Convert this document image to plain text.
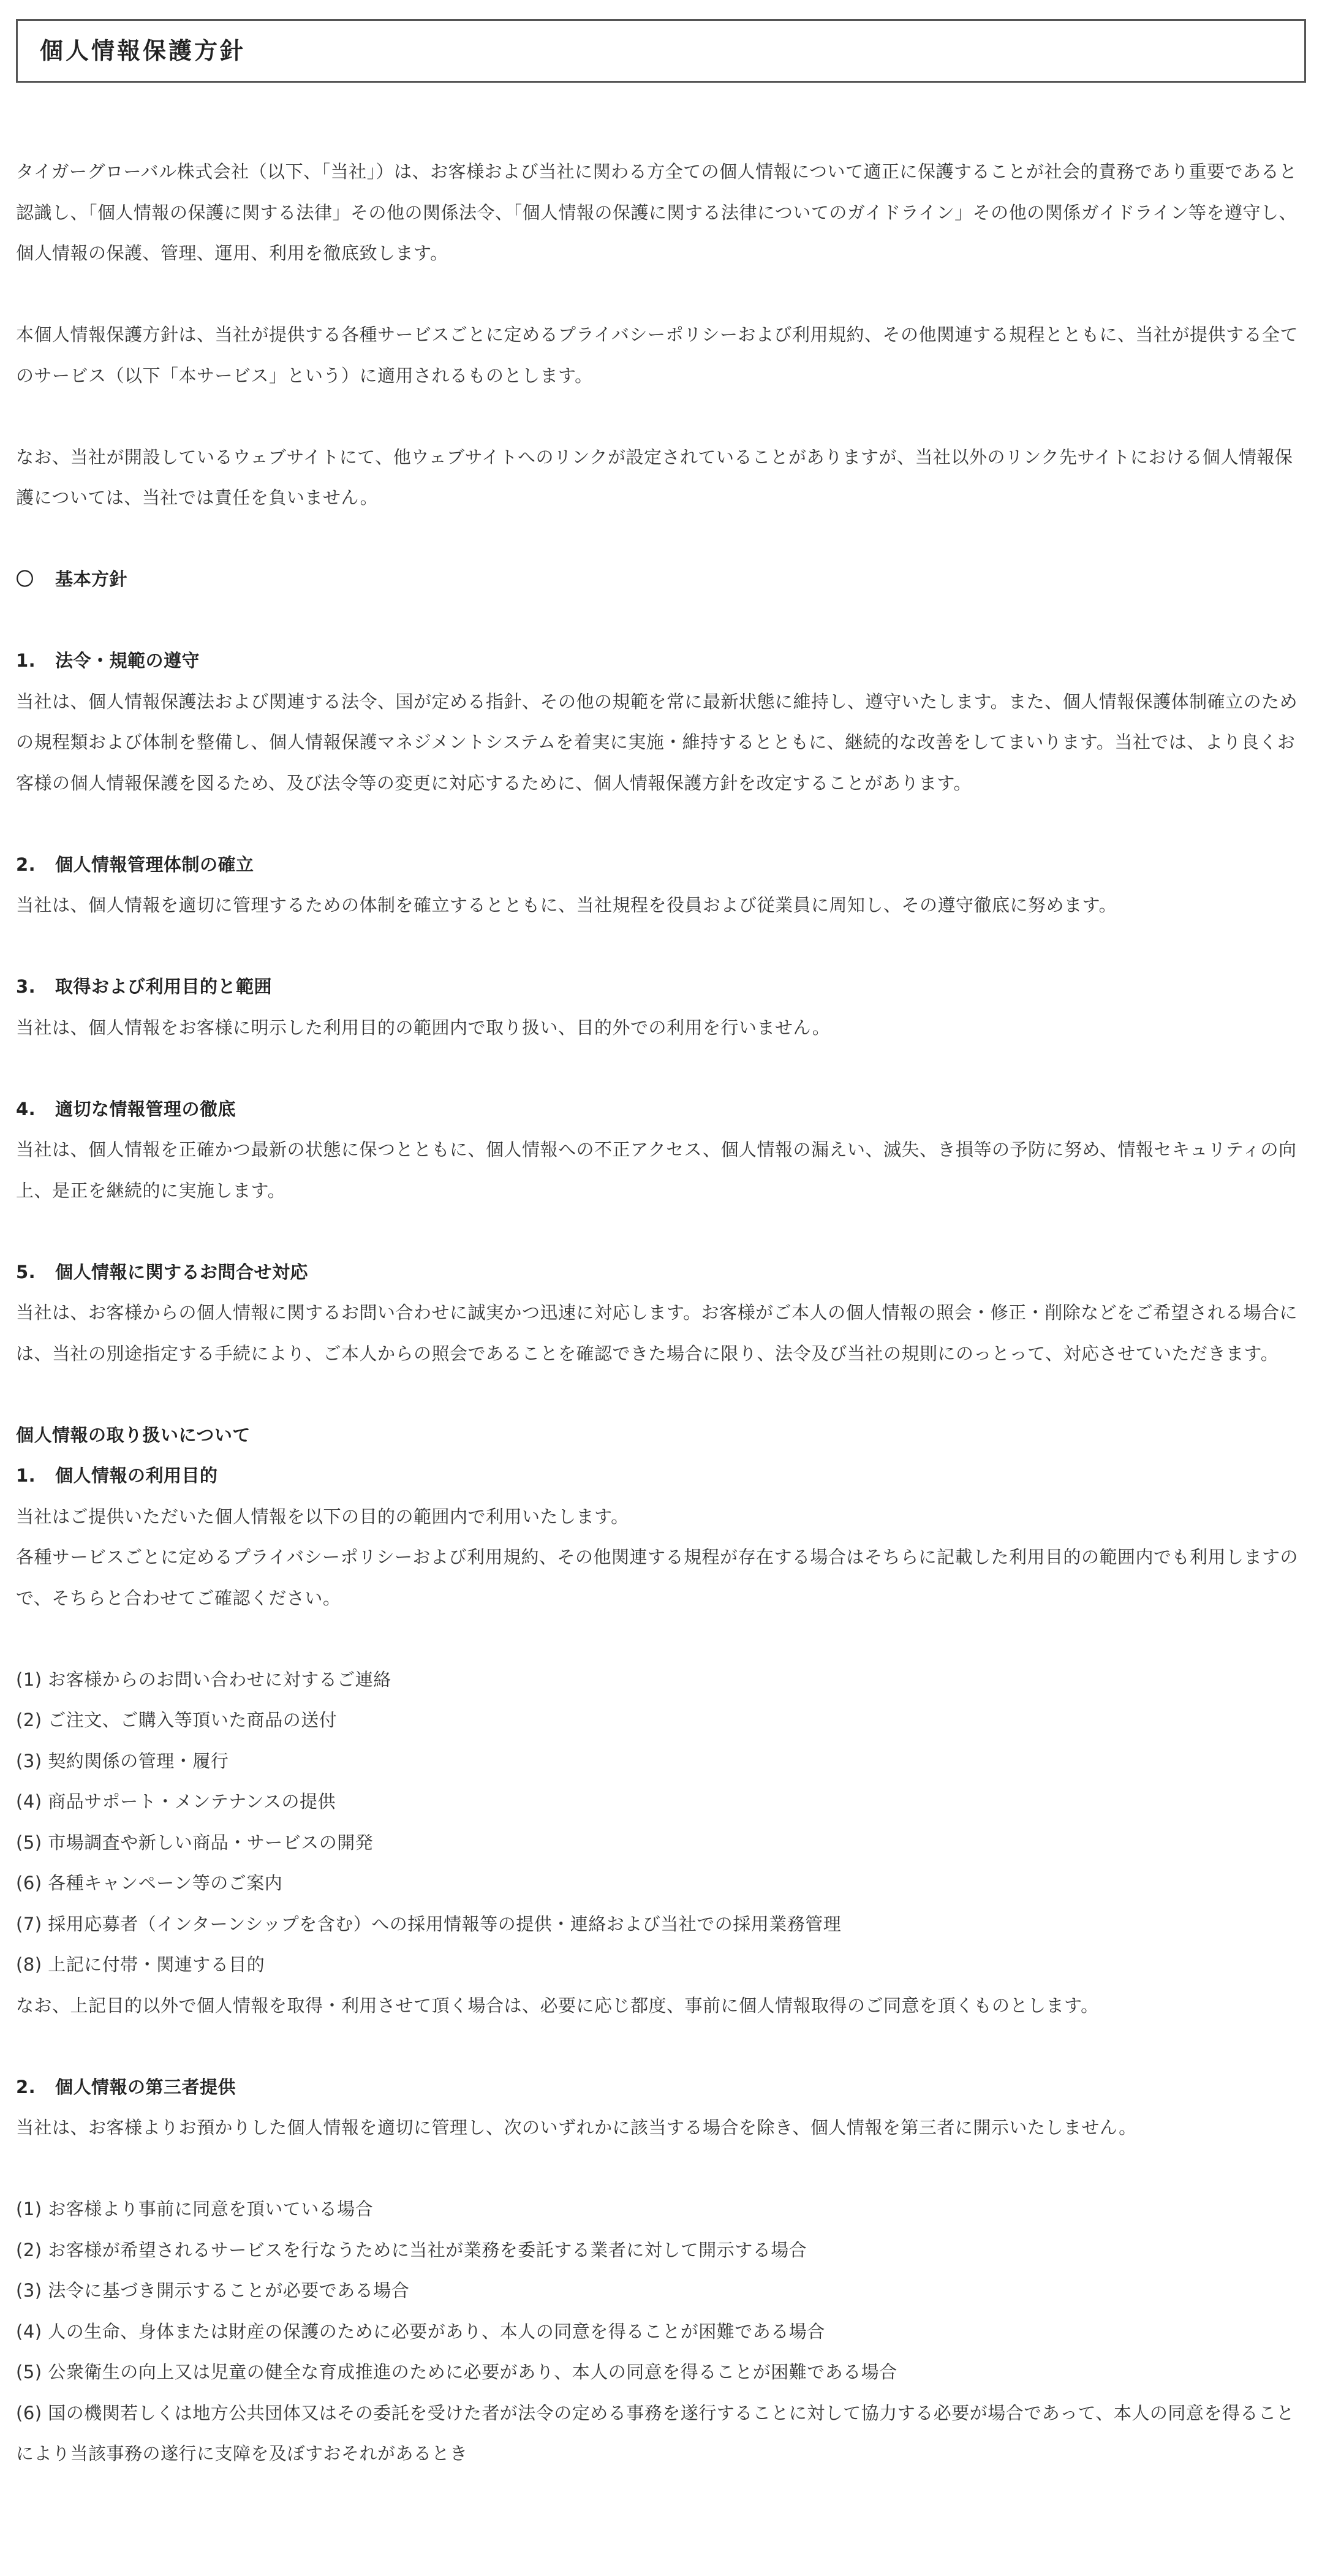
個人情報保護方針

タイガーグローバル株式会社（以下、「当社」）は、お客様および当社に関わる方全ての個人情報について適正に保護することが社会的責務であり重要であると認識し、「個人情報の保護に関する法律」その他の関係法令、「個人情報の保護に関する法律についてのガイドライン」その他の関係ガイドライン等を遵守し、個人情報の保護、管理、運用、利用を徹底致します。

本個人情報保護方針は、当社が提供する各種サービスごとに定めるプライバシーポリシーおよび利用規約、その他関連する規程とともに、当社が提供する全てのサービス（以下「本サービス」という）に適用されるものとします。

なお、当社が開設しているウェブサイトにて、他ウェブサイトへのリンクが設定されていることがありますが、当社以外のリンク先サイトにおける個人情報保護については、当社では責任を負いません。

〇 基本方針

1. 法令・規範の遵守

当社は、個人情報保護法および関連する法令、国が定める指針、その他の規範を常に最新状態に維持し、遵守いたします。また、個人情報保護体制確立のための規程類および体制を整備し、個人情報保護マネジメントシステムを着実に実施・維持するとともに、継続的な改善をしてまいります。当社では、より良くお客様の個人情報保護を図るため、及び法令等の変更に対応するために、個人情報保護方針を改定することがあります。

2. 個人情報管理体制の確立

当社は、個人情報を適切に管理するための体制を確立するとともに、当社規程を役員および従業員に周知し、その遵守徹底に努めます。

3. 取得および利用目的と範囲

当社は、個人情報をお客様に明示した利用目的の範囲内で取り扱い、目的外での利用を行いません。

4. 適切な情報管理の徹底

当社は、個人情報を正確かつ最新の状態に保つとともに、個人情報への不正アクセス、個人情報の漏えい、滅失、き損等の予防に努め、情報セキュリティの向上、是正を継続的に実施します。

5. 個人情報に関するお問合せ対応

当社は、お客様からの個人情報に関するお問い合わせに誠実かつ迅速に対応します。お客様がご本人の個人情報の照会・修正・削除などをご希望される場合には、当社の別途指定する手続により、ご本人からの照会であることを確認できた場合に限り、法令及び当社の規則にのっとって、対応させていただきます。

個人情報の取り扱いについて

1. 個人情報の利用目的

当社はご提供いただいた個人情報を以下の目的の範囲内で利用いたします。

各種サービスごとに定めるプライバシーポリシーおよび利用規約、その他関連する規程が存在する場合はそちらに記載した利用目的の範囲内でも利用しますので、そちらと合わせてご確認ください。

(1) お客様からのお問い合わせに対するご連絡
(2) ご注文、ご購入等頂いた商品の送付
(3) 契約関係の管理・履行
(4) 商品サポート・メンテナンスの提供
(5) 市場調査や新しい商品・サービスの開発
(6) 各種キャンペーン等のご案内
(7) 採用応募者（インターンシップを含む）への採用情報等の提供・連絡および当社での採用業務管理
(8) 上記に付帯・関連する目的

なお、上記目的以外で個人情報を取得・利用させて頂く場合は、必要に応じ都度、事前に個人情報取得のご同意を頂くものとします。

2. 個人情報の第三者提供

当社は、お客様よりお預かりした個人情報を適切に管理し、次のいずれかに該当する場合を除き、個人情報を第三者に開示いたしません。

(1) お客様より事前に同意を頂いている場合
(2) お客様が希望されるサービスを行なうために当社が業務を委託する業者に対して開示する場合
(3) 法令に基づき開示することが必要である場合
(4) 人の生命、身体または財産の保護のために必要があり、本人の同意を得ることが困難である場合
(5) 公衆衛生の向上又は児童の健全な育成推進のために必要があり、本人の同意を得ることが困難である場合
(6) 国の機関若しくは地方公共団体又はその委託を受けた者が法令の定める事務を遂行することに対して協力する必要が場合であって、本人の同意を得ることにより当該事務の遂行に支障を及ぼすおそれがあるとき
